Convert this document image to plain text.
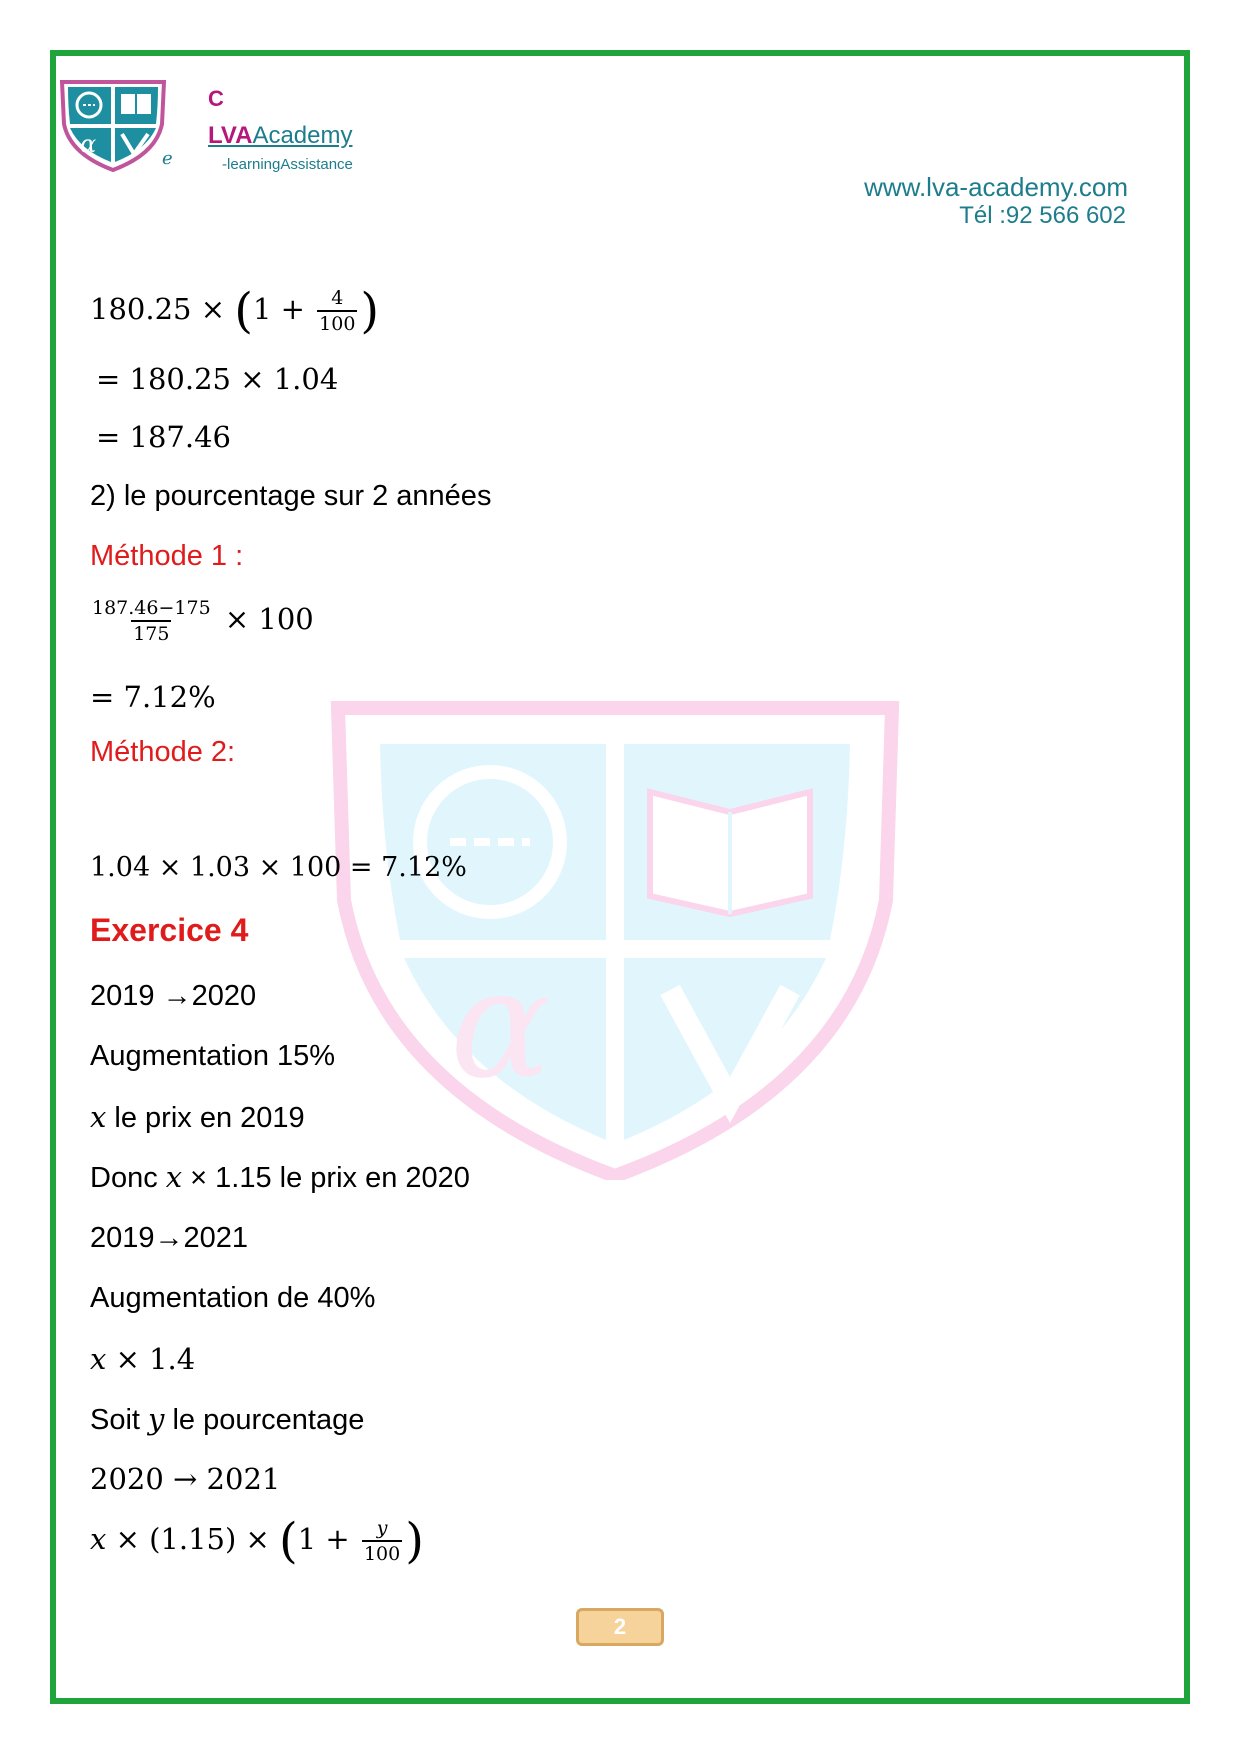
α
e
C
LVAAcademy
-learningAssistance
www.lva-academy.com
Tél :92 566 602
α
$180.25 \times (1 + \frac{4}{100}$ )
= 180.25 × 1.04
= 187.46
2) le pourcentage sur 2 années
Méthode 1 :
$\frac{187.46-175}{175} \times 100$
= 7.12%
Méthode 2:
1.04 × 1.03 × 100 = 7.12%
Exercice 4
2019 →2020
Augmentation 15%
x le prix en 2019
Donc x × 1.15 le prix en 2020
2019→2021
Augmentation de 40%
x × 1.4
Soit y le pourcentage
2020 → 2021
$x \times (1.15) \times (1 + \frac{y}{100}$ )
2
